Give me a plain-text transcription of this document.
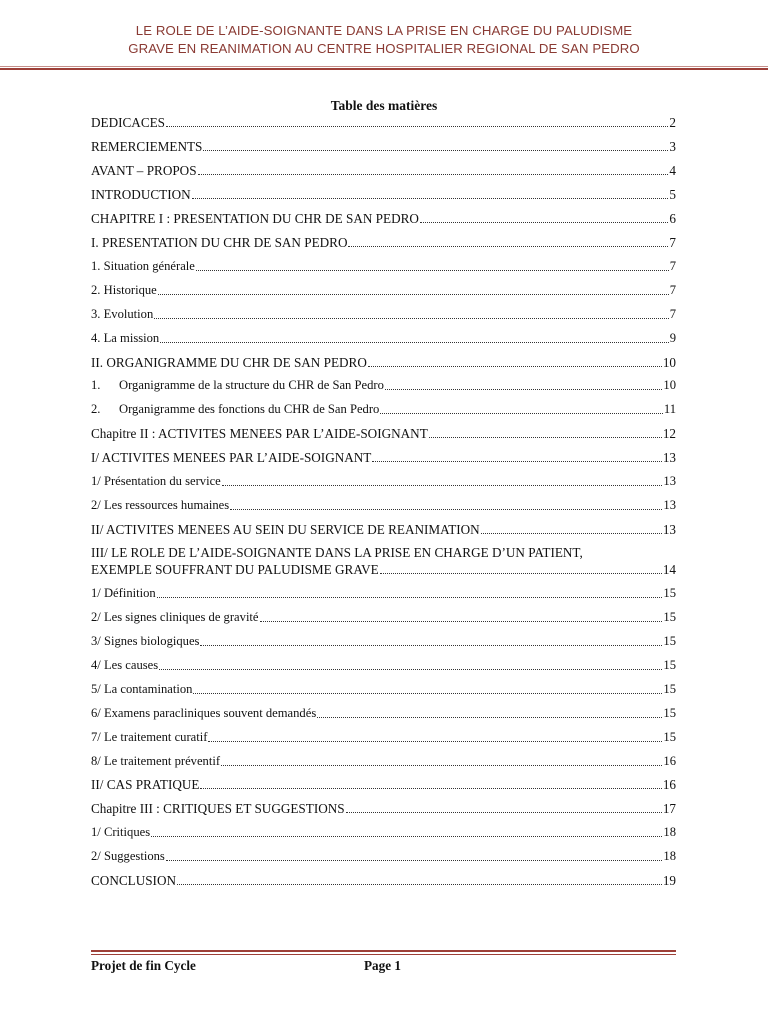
LE ROLE DE L’AIDE-SOIGNANTE DANS LA PRISE EN CHARGE DU PALUDISME
GRAVE EN REANIMATION AU CENTRE HOSPITALIER REGIONAL DE SAN PEDRO
Table des matières
DEDICACES	2
REMERCIEMENTS	3
AVANT – PROPOS	4
INTRODUCTION	5
CHAPITRE I : PRESENTATION DU CHR DE SAN PEDRO	6
I. PRESENTATION DU CHR DE SAN PEDRO	7
1. Situation générale	7
2. Historique	7
3. Evolution	7
4. La mission	9
II. ORGANIGRAMME DU CHR DE SAN PEDRO	10
1. Organigramme de la structure du CHR de San Pedro	10
2. Organigramme des fonctions du CHR de San Pedro	11
Chapitre II : ACTIVITES MENEES PAR L’AIDE-SOIGNANT	12
I/ ACTIVITES MENEES PAR L’AIDE-SOIGNANT	13
1/ Présentation du service	13
2/ Les ressources humaines	13
II/ ACTIVITES MENEES AU SEIN DU SERVICE DE REANIMATION	13
III/ LE ROLE DE L’AIDE-SOIGNANTE DANS LA PRISE EN CHARGE D’UN PATIENT,
EXEMPLE SOUFFRANT DU PALUDISME GRAVE	14
1/ Définition	15
2/ Les signes cliniques de gravité	15
3/ Signes biologiques	15
4/ Les causes	15
5/ La contamination	15
6/ Examens paracliniques souvent demandés	15
7/ Le traitement curatif	15
8/ Le traitement préventif	16
II/ CAS PRATIQUE	16
Chapitre III : CRITIQUES ET SUGGESTIONS	17
1/ Critiques	18
2/ Suggestions	18
CONCLUSION	19
Projet de fin Cycle	Page 1
